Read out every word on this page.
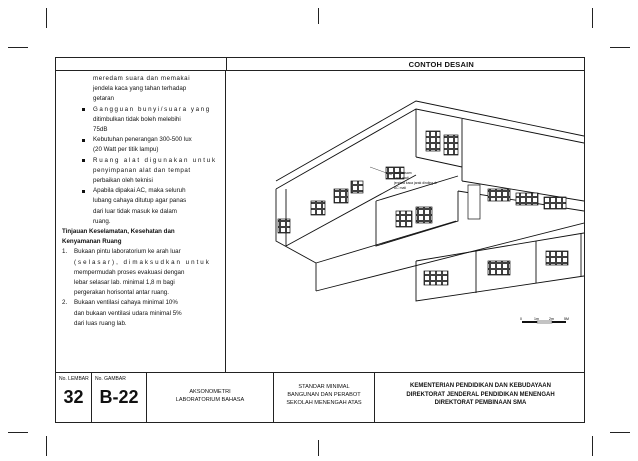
CONTOH DESAIN

meredam suara dan memakai

jendela kaca yang tahan terhadap

getaran

Gangguan bunyi/suara yang

ditimbulkan tidak boleh melebihi

75dB

Kebutuhan penerangan 300-500 lux

(20 Watt per titik lampu)

Ruang alat digunakan untuk

penyimpanan alat dan tempat

perbaikan oleh teknisi

Apabila dipakai AC, maka seluruh

lubang cahaya ditutup agar panas

dari luar tidak masuk ke dalam

ruang.

Tinjauan Keselamatan, Kesehatan dan

Kenyamanan Ruang

1. Bukaan pintu laboratorium ke arah luar

(selasar), dimaksudkan untuk

mempermudah proses evakuasi dengan

lebar selasar lab. minimal 1,8 m bagi

pergerakan horisontal antar ruang.

2. Bukaan ventilasi cahaya minimal 10%

dan bukaan ventilasi udara minimal 5%

dari luas ruang lab.

bata kasam
kaca mati
jendela kaca jarak dinding dr
AC mati
0	1m	2m	5M
No. LEMBAR
32
No. GAMBAR
B-22	AKSONOMETRI
LABORATORIUM BAHASA
STANDAR MINIMAL
BANGUNAN DAN PERABOT
SEKOLAH MENENGAH ATAS
KEMENTERIAN PENDIDIKAN DAN KEBUDAYAAN
DIREKTORAT JENDERAL PENDIDIKAN MENENGAH
DIREKTORAT PEMBINAAN SMA
